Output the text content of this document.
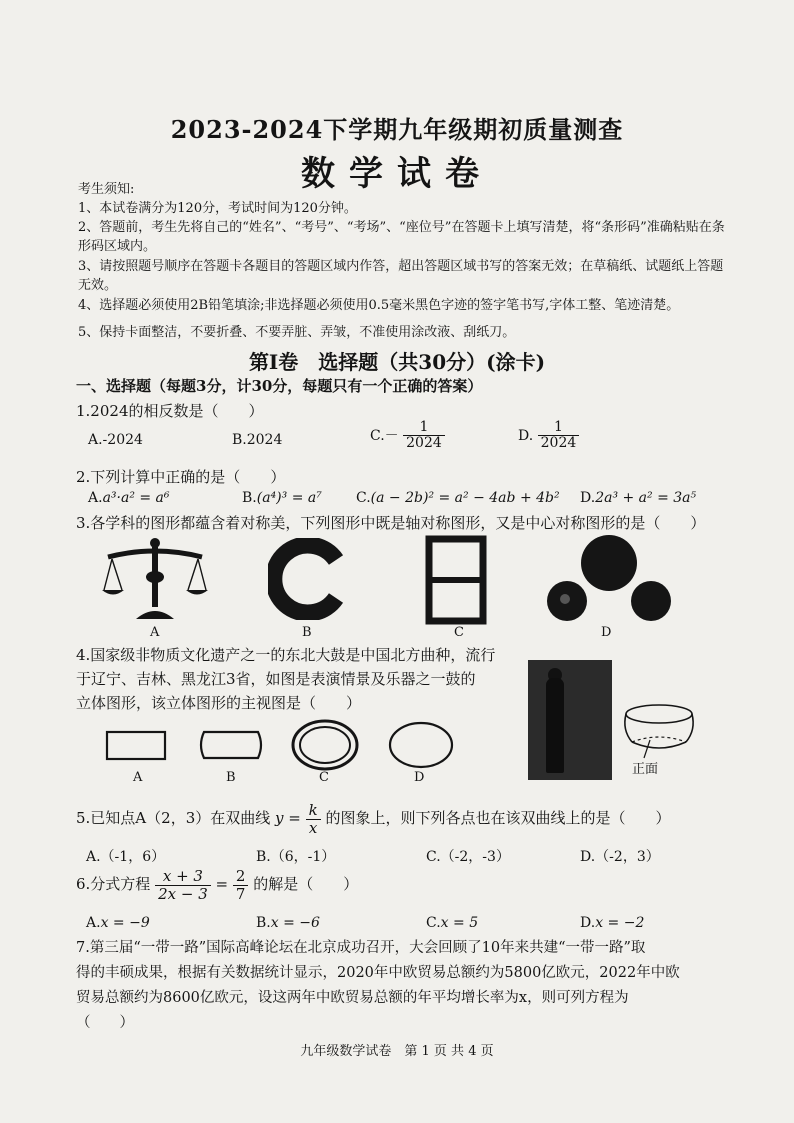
2023-2024下学期九年级期初质量测查
数学试卷
考生须知:
1、本试卷满分为120分，考试时间为120分钟。
2、答题前，考生先将自己的“姓名”、“考号”、“考场”、“座位号”在答题卡上填写清楚，将“条形码”准确粘贴在条形码区域内。
3、请按照题号顺序在答题卡各题目的答题区域内作答，超出答题区域书写的答案无效；在草稿纸、试题纸上答题无效。
4、选择题必须使用2B铅笔填涂;非选择题必须使用0.5毫米黑色字迹的签字笔书写,字体工整、笔迹清楚。
5、保持卡面整洁，不要折叠、不要弄脏、弄皱，不准使用涂改液、刮纸刀。
第Ⅰ卷　选择题（共30分）(涂卡)
一、选择题（每题3分，计30分，每题只有一个正确的答案）
1.2024的相反数是（　　）
A.-2024	B.2024	$C.- \frac{1}{2024}$	D. $\frac{1}{2024}$
2.下列计算中正确的是（　　）
A.a³·a² = a⁶	B.(a⁴)³ = a⁷ C.(a − 2b)² = a² − 4ab + 4b² D.2a³ + a² = 3a⁵
3.各学科的图形都蕴含着对称美，下列图形中既是轴对称图形，又是中心对称图形的是（　　）
A	B	C	D
4.国家级非物质文化遗产之一的东北大鼓是中国北方曲种，流行
于辽宁、吉林、黑龙江3省，如图是表演情景及乐器之一鼓的
立体图形，该立体图形的主视图是（　　）
A	B	C	D
正面
5.已知点A（2，3）在双曲线 $y = \frac{k}{x}$ 的图象上，则下列各点也在该双曲线上的是（　　）
A.（-1，6）	B.（6，-1）	C.（-2，-3）	D.（-2，3）
6.分式方程 $\frac{x + 3}{2x - 3} = \frac{2}{7}$ 的解是（　　）
A.x = −9	B.x = −6	C.x = 5	D.x = −2
7.第三届“一带一路”国际高峰论坛在北京成功召开，大会回顾了10年来共建“一带一路”取
得的丰硕成果，根据有关数据统计显示，2020年中欧贸易总额约为5800亿欧元，2022年中欧
贸易总额约为8600亿欧元，设这两年中欧贸易总额的年平均增长率为x，则可列方程为
（　　）
九年级数学试卷　第 1 页 共 4 页
